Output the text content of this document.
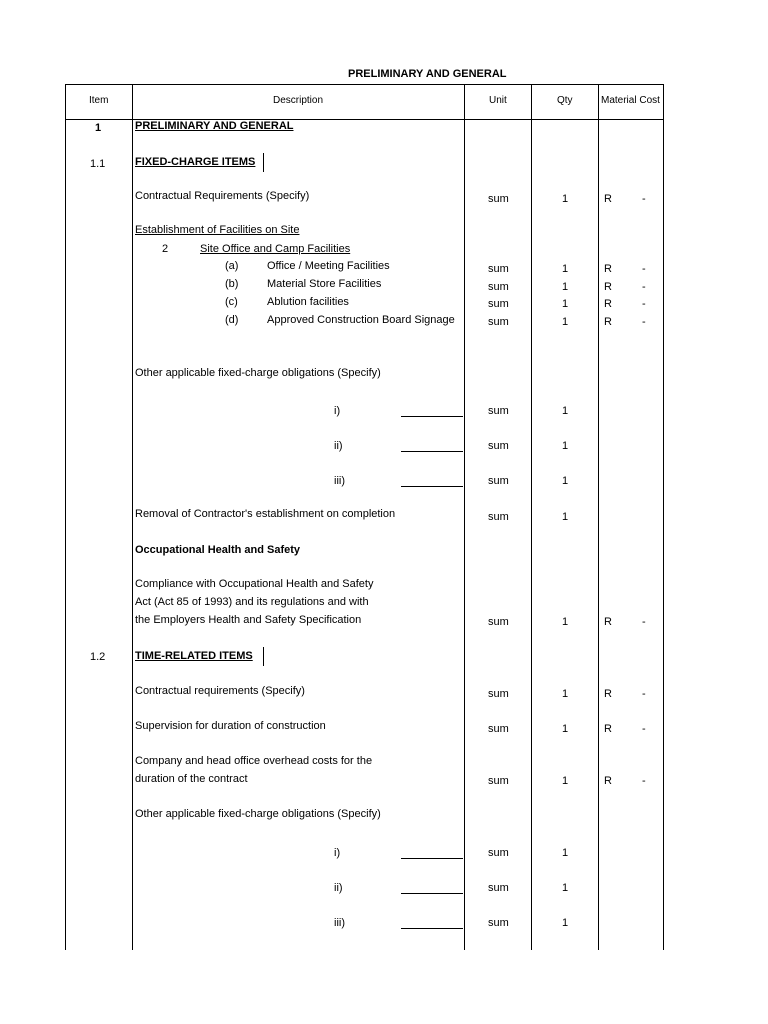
PRELIMINARY AND GENERAL
Item	Description	Unit	Qty	Material Cost
1	PRELIMINARY AND GENERAL
1.1	FIXED-CHARGE ITEMS
Contractual Requirements (Specify)	sum	1	R	-
Establishment of Facilities on Site
2	Site Office and Camp Facilities
(a)	Office / Meeting Facilities	sum	1	R	-
(b)	Material Store Facilities	sum	1	R	-
(c)	Ablution facilities	sum	1	R	-
(d)	Approved Construction Board Signage	sum	1	R	-
Other applicable fixed-charge obligations (Specify)
i)	sum	1
ii)	sum	1
iii)	sum	1
Removal of Contractor's establishment on completion	sum	1
Occupational Health and Safety
Compliance with Occupational Health and Safety
Act (Act 85 of 1993) and its regulations and with
the Employers Health and Safety Specification	sum	1	R	-
1.2	TIME-RELATED ITEMS
Contractual requirements (Specify)	sum	1	R	-
Supervision for duration of construction	sum	1	R	-
Company and head office overhead costs for the
duration of the contract	sum	1	R	-
Other applicable fixed-charge obligations (Specify)
i)	sum	1
ii)	sum	1
iii)	sum	1
